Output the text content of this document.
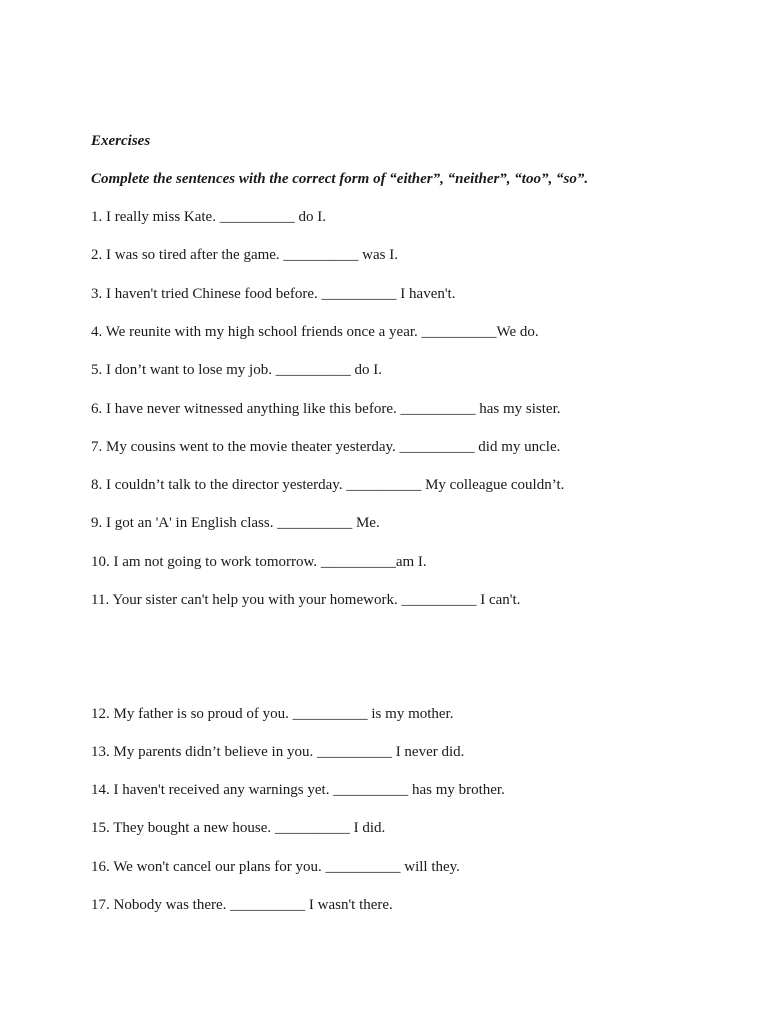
Exercises

Complete the sentences with the correct form of “either”, “neither”, “too”, “so”.

1. I really miss Kate. __________ do I.

2. I was so tired after the game. __________ was I.

3. I haven't tried Chinese food before. __________ I haven't.

4. We reunite with my high school friends once a year. __________We do.

5. I don’t want to lose my job. __________ do I.

6. I have never witnessed anything like this before. __________ has my sister.

7. My cousins went to the movie theater yesterday. __________ did my uncle.

8. I couldn’t talk to the director yesterday. __________ My colleague couldn’t.

9. I got an 'A' in English class. __________ Me.

10. I am not going to work tomorrow. __________am I.

11. Your sister can't help you with your homework. __________ I can't.

12. My father is so proud of you. __________ is my mother.

13. My parents didn’t believe in you. __________ I never did.

14. I haven't received any warnings yet. __________ has my brother.

15. They bought a new house. __________ I did.

16. We won't cancel our plans for you. __________ will they.

17. Nobody was there. __________ I wasn't there.
